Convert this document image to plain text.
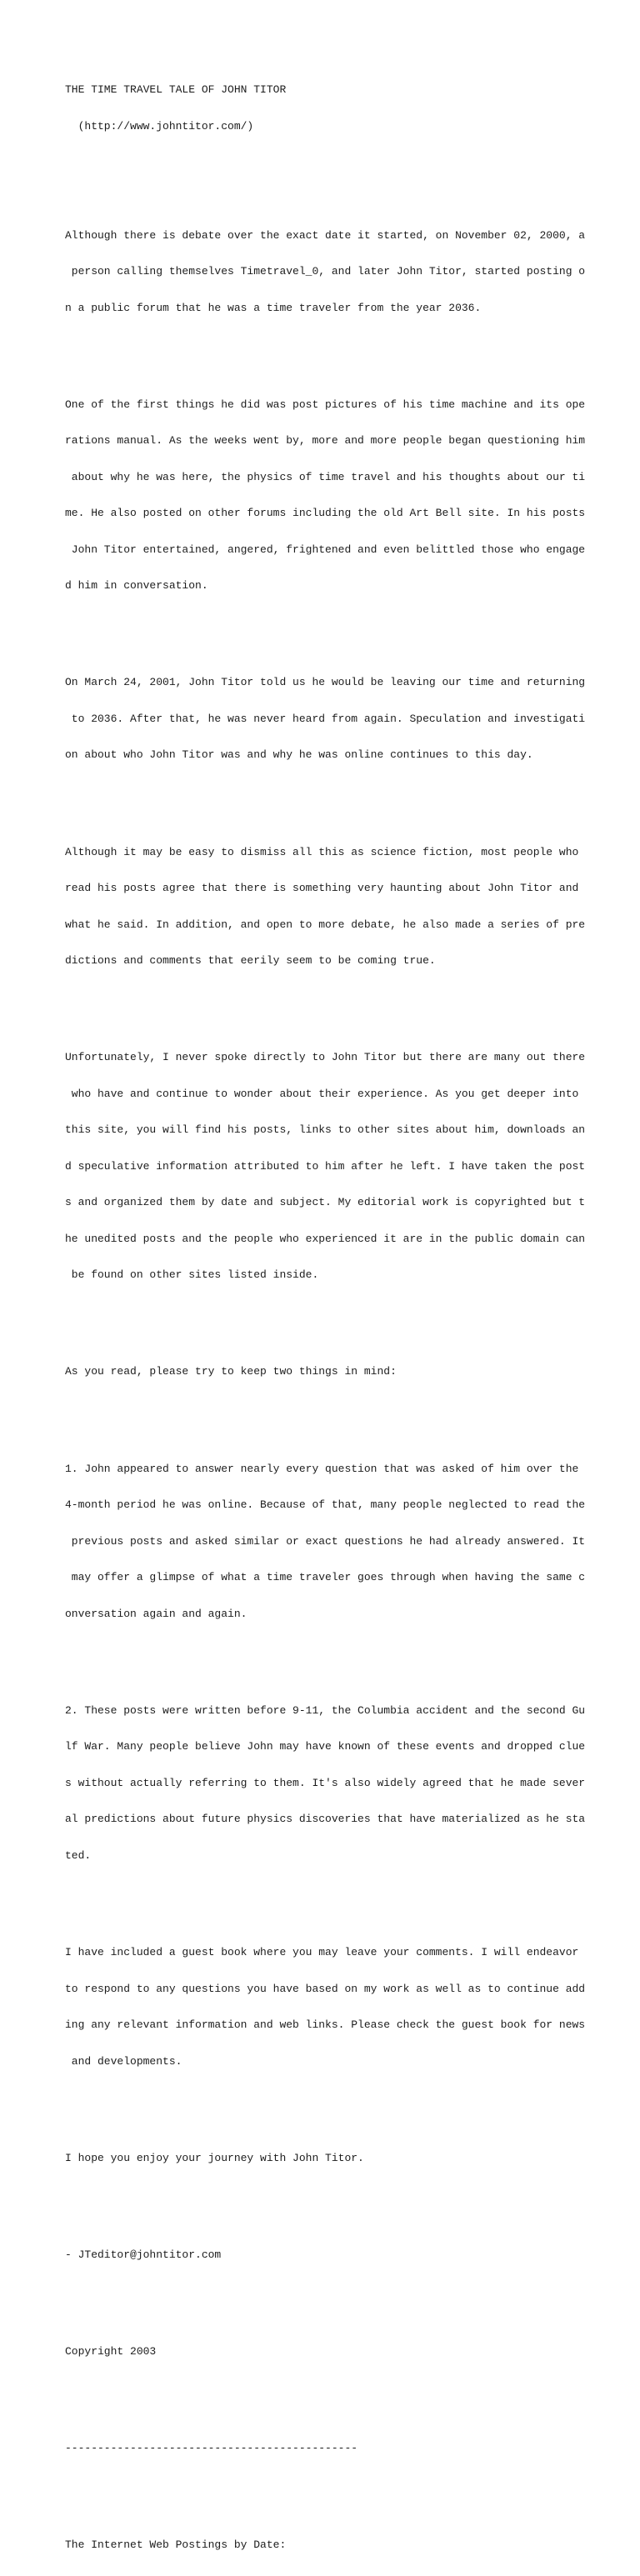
THE TIME TRAVEL TALE OF JOHN TITOR

(http://www.johntitor.com/)

Although there is debate over the exact date it started, on November 02, 2000, a

person calling themselves Timetravel_0, and later John Titor, started posting o

n a public forum that he was a time traveler from the year 2036.

One of the first things he did was post pictures of his time machine and its ope

rations manual. As the weeks went by, more and more people began questioning him

about why he was here, the physics of time travel and his thoughts about our ti

me. He also posted on other forums including the old Art Bell site. In his posts

John Titor entertained, angered, frightened and even belittled those who engage

d him in conversation.

On March 24, 2001, John Titor told us he would be leaving our time and returning

to 2036. After that, he was never heard from again. Speculation and investigati

on about who John Titor was and why he was online continues to this day.

Although it may be easy to dismiss all this as science fiction, most people who

read his posts agree that there is something very haunting about John Titor and

what he said. In addition, and open to more debate, he also made a series of pre

dictions and comments that eerily seem to be coming true.

Unfortunately, I never spoke directly to John Titor but there are many out there

who have and continue to wonder about their experience. As you get deeper into

this site, you will find his posts, links to other sites about him, downloads an

d speculative information attributed to him after he left. I have taken the post

s and organized them by date and subject. My editorial work is copyrighted but t

he unedited posts and the people who experienced it are in the public domain can

be found on other sites listed inside.

As you read, please try to keep two things in mind:

1. John appeared to answer nearly every question that was asked of him over the

4-month period he was online. Because of that, many people neglected to read the

previous posts and asked similar or exact questions he had already answered. It

may offer a glimpse of what a time traveler goes through when having the same c

onversation again and again.

2. These posts were written before 9-11, the Columbia accident and the second Gu

lf War. Many people believe John may have known of these events and dropped clue

s without actually referring to them. It's also widely agreed that he made sever

al predictions about future physics discoveries that have materialized as he sta

ted.

I have included a guest book where you may leave your comments. I will endeavor

to respond to any questions you have based on my work as well as to continue add

ing any relevant information and web links. Please check the guest book for news

and developments.

I hope you enjoy your journey with John Titor.

- JTeditor@johntitor.com

Copyright 2003

---------------------------------------------

The Internet Web Postings by Date:
